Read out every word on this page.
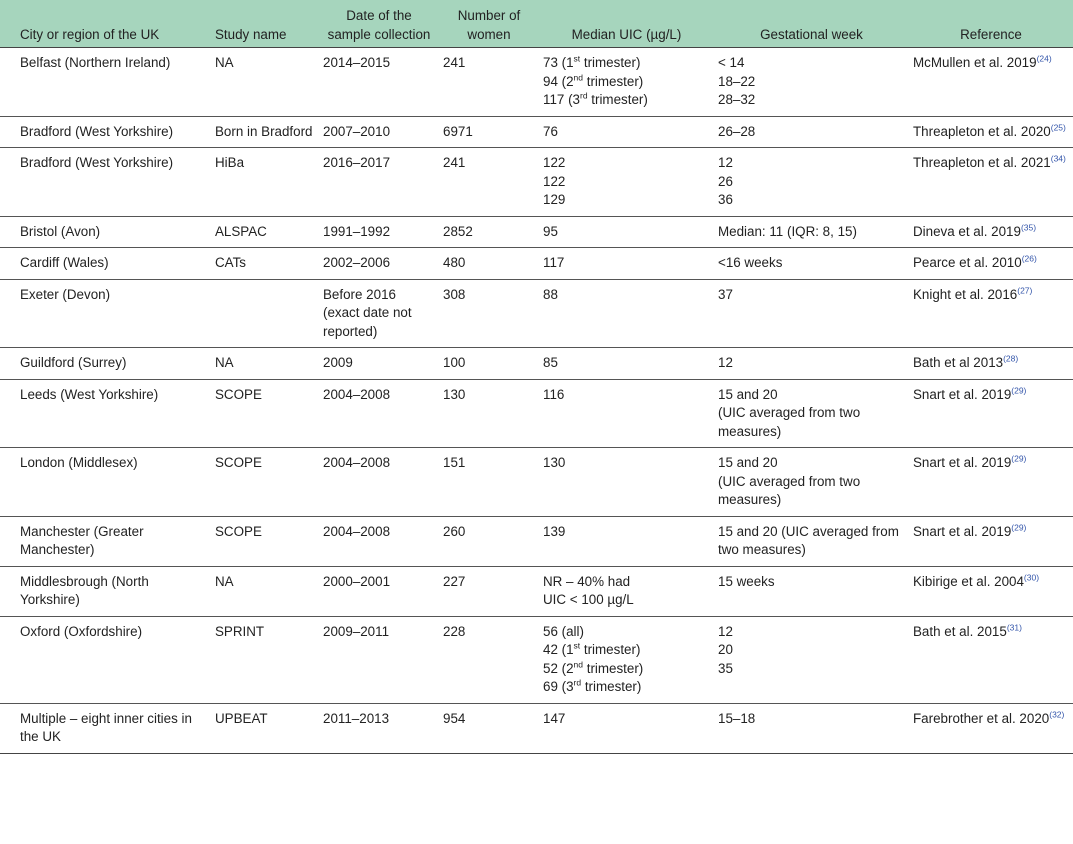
City or region of the UK	Study name	Date of the sample collection	Number of women	Median UIC (µg/L)	Gestational week	Reference

Belfast (Northern Ireland)	NA	2014–2015	241	73 (1st trimester)
94 (2nd trimester)
117 (3rd trimester)	< 14
18–22
28–32	McMullen et al. 2019$^{(24)}$

Bradford (West Yorkshire)	Born in Bradford	2007–2010	6971	76	26–28	Threapleton et al. 2020$^{(25)}$

Bradford (West Yorkshire)	HiBa	2016–2017	241	122
122
129	12
26
36	Threapleton et al. 2021$^{(34)}$

Bristol (Avon)	ALSPAC	1991–1992	2852	95	Median: 11 (IQR: 8, 15)	Dineva et al. 2019$^{(35)}$

Cardiff (Wales)	CATs	2002–2006	480	117	<16 weeks	Pearce et al. 2010$^{(26)}$

Exeter (Devon)		Before 2016 (exact date not reported)	308	88	37	Knight et al. 2016$^{(27)}$

Guildford (Surrey)	NA	2009	100	85	12	Bath et al 2013$^{(28)}$

Leeds (West Yorkshire)	SCOPE	2004–2008	130	116	15 and 20
(UIC averaged from two measures)	Snart et al. 2019$^{(29)}$

London (Middlesex)	SCOPE	2004–2008	151	130	15 and 20
(UIC averaged from two measures)	Snart et al. 2019$^{(29)}$

Manchester (Greater Manchester)	SCOPE	2004–2008	260	139	15 and 20 (UIC averaged from two measures)	Snart et al. 2019$^{(29)}$

Middlesbrough (North Yorkshire)	NA	2000–2001	227	NR – 40% had
UIC < 100 µg/L	15 weeks	Kibirige et al. 2004$^{(30)}$

Oxford (Oxfordshire)	SPRINT	2009–2011	228	56 (all)
42 (1st trimester)
52 (2nd trimester)
69 (3rd trimester)	12
20
35	Bath et al. 2015$^{(31)}$

Multiple – eight inner cities in the UK	UPBEAT	2011–2013	954	147	15–18	Farebrother et al. 2020$^{(32)}$
